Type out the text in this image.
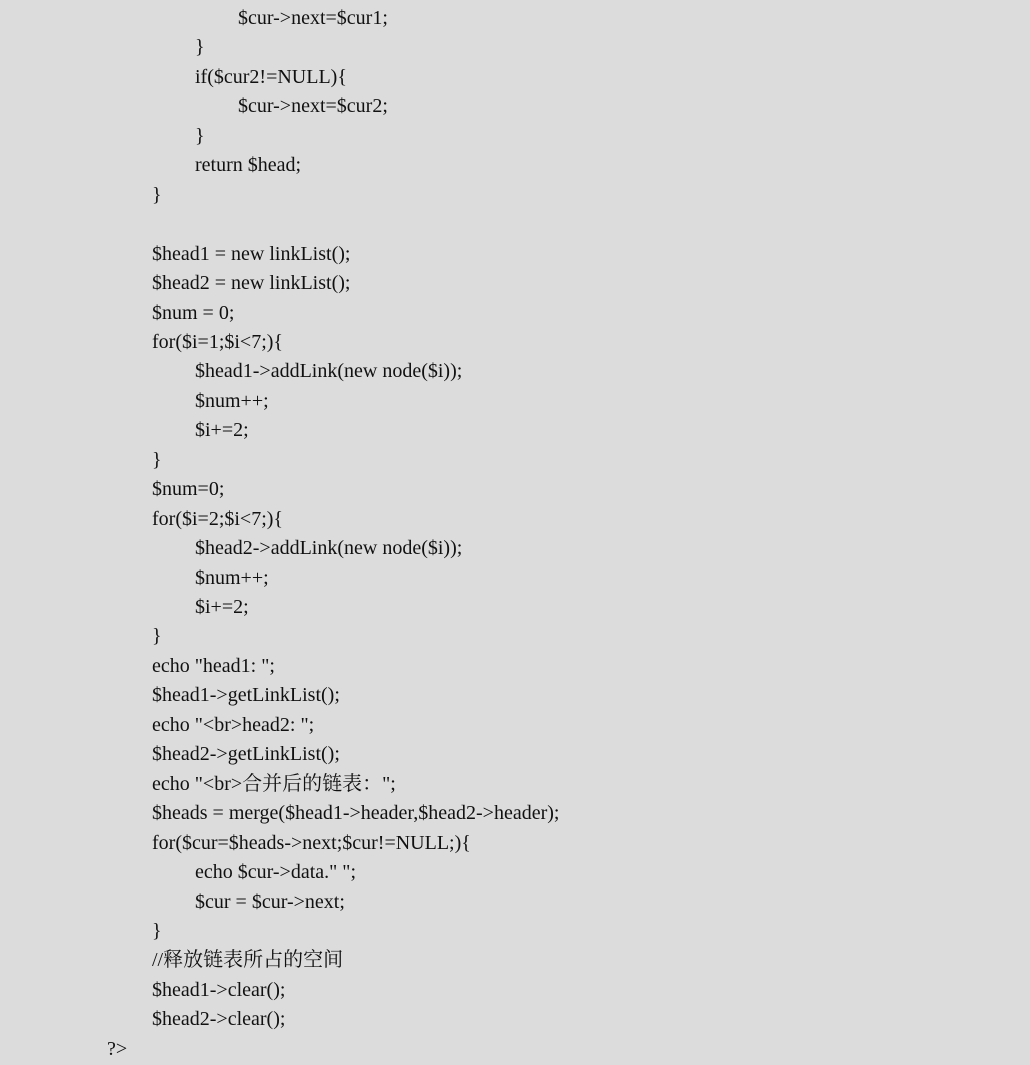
$cur->next=$cur1;
}
if($cur2!=NULL){
$cur->next=$cur2;
}
return $head;
}
$head1 = new linkList();
$head2 = new linkList();
$num = 0;
for($i=1;$i<7;){
$head1->addLink(new node($i));
$num++;
$i+=2;
}
$num=0;
for($i=2;$i<7;){
$head2->addLink(new node($i));
$num++;
$i+=2;
}
echo "head1: ";
$head1->getLinkList();
echo "<br>head2: ";
$head2->getLinkList();
echo "<br>合并后的链表：";
$heads = merge($head1->header,$head2->header);
for($cur=$heads->next;$cur!=NULL;){
echo $cur->data." ";
$cur = $cur->next;
}
//释放链表所占的空间
$head1->clear();
$head2->clear();
?>
